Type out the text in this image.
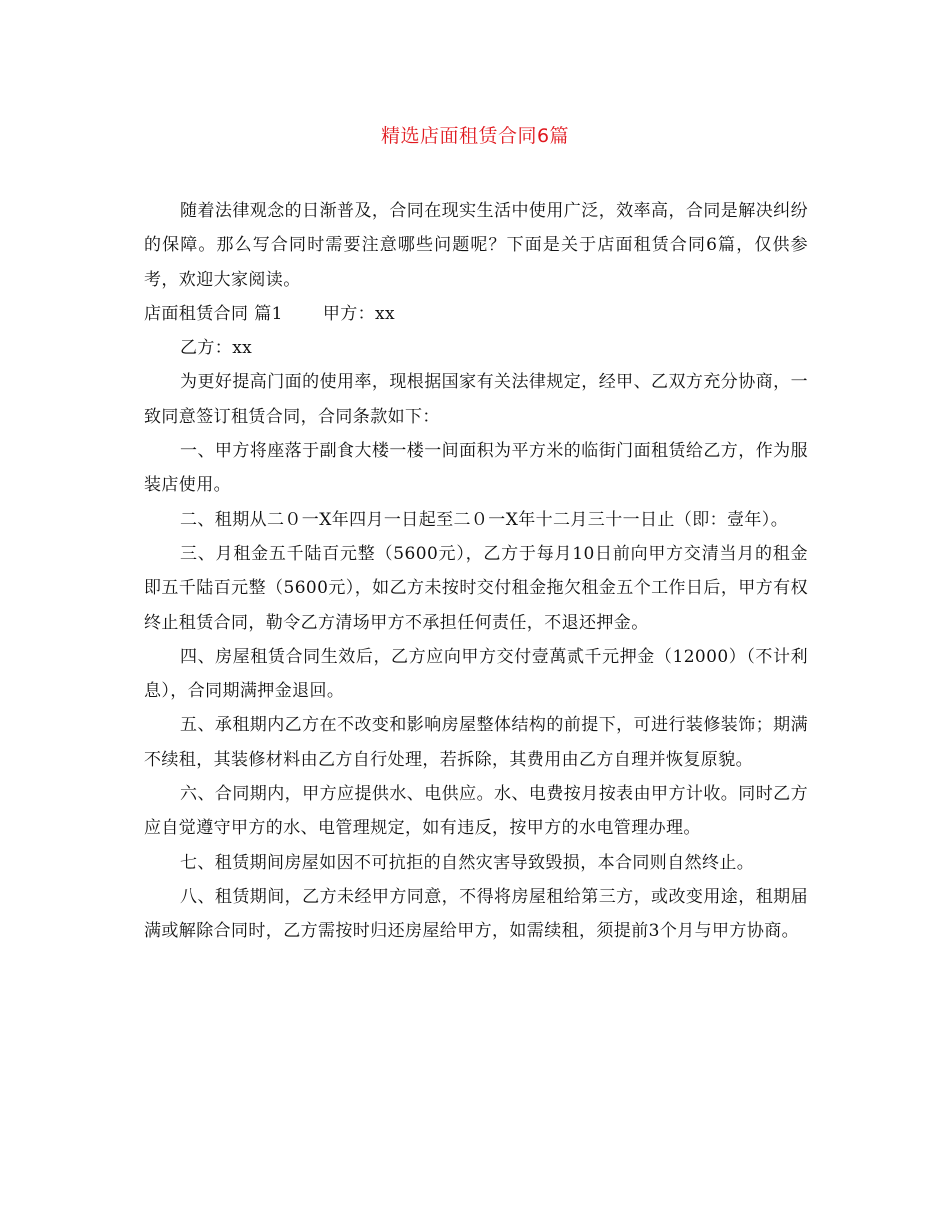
精选店面租赁合同6篇

随着法律观念的日渐普及，合同在现实生活中使用广泛，效率高，合同是解决纠纷的保障。那么写合同时需要注意哪些问题呢？下面是关于店面租赁合同6篇，仅供参考，欢迎大家阅读。

店面租赁合同 篇1 甲方：xx

乙方：xx

为更好提高门面的使用率，现根据国家有关法律规定，经甲、乙双方充分协商，一致同意签订租赁合同，合同条款如下：

一、甲方将座落于副食大楼一楼一间面积为平方米的临街门面租赁给乙方，作为服装店使用。

二、租期从二０一X年四月一日起至二０一X年十二月三十一日止（即：壹年）。

三、月租金五千陆百元整（5600元），乙方于每月10日前向甲方交清当月的租金即五千陆百元整（5600元），如乙方未按时交付租金拖欠租金五个工作日后，甲方有权终止租赁合同，勒令乙方清场甲方不承担任何责任，不退还押金。

四、房屋租赁合同生效后，乙方应向甲方交付壹萬贰千元押金（12000）（不计利息），合同期满押金退回。

五、承租期内乙方在不改变和影响房屋整体结构的前提下，可进行装修装饰；期满不续租，其装修材料由乙方自行处理，若拆除，其费用由乙方自理并恢复原貌。

六、合同期内，甲方应提供水、电供应。水、电费按月按表由甲方计收。同时乙方应自觉遵守甲方的水、电管理规定，如有违反，按甲方的水电管理办理。

七、租赁期间房屋如因不可抗拒的自然灾害导致毁损，本合同则自然终止。

八、租赁期间，乙方未经甲方同意，不得将房屋租给第三方，或改变用途，租期届满或解除合同时，乙方需按时归还房屋给甲方，如需续租，须提前3个月与甲方协商。
